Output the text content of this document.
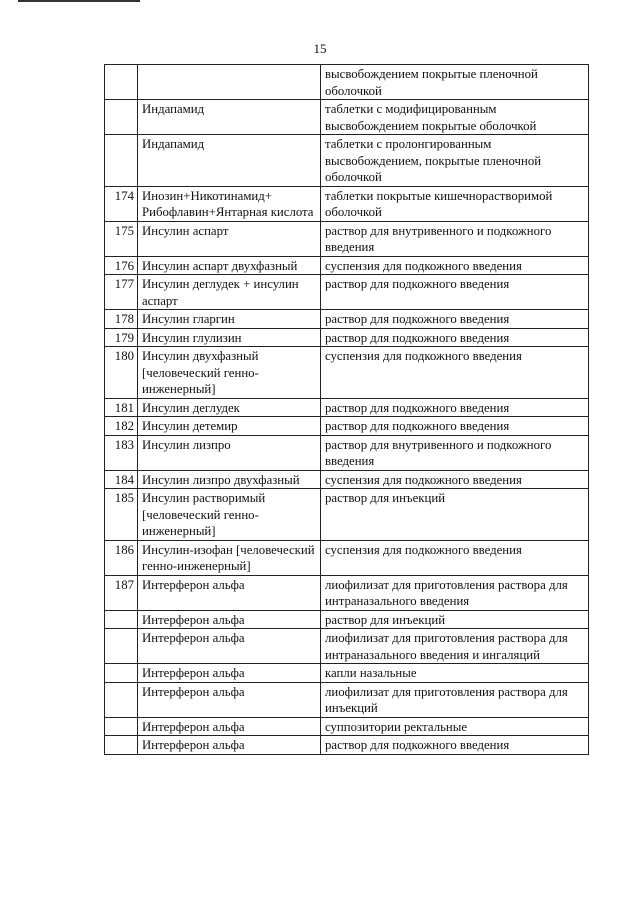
15
		высвобождением покрытые пленочной оболочкой
	Индапамид	таблетки с модифицированным высвобождением покрытые оболочкой
	Индапамид	таблетки с пролонгированным высвобождением, покрытые пленочной оболочкой
174	Инозин+Никотинамид+ Рибофлавин+Янтарная кислота	таблетки покрытые кишечнорастворимой оболочкой
175	Инсулин аспарт	раствор для внутривенного и подкожного введения
176	Инсулин аспарт двухфазный	суспензия для подкожного введения
177	Инсулин деглудек + инсулин аспарт	раствор для подкожного введения
178	Инсулин гларгин	раствор для подкожного введения
179	Инсулин глулизин	раствор для подкожного введения
180	Инсулин двухфазный [человеческий генно-инженерный]	суспензия для подкожного введения
181	Инсулин деглудек	раствор для подкожного введения
182	Инсулин детемир	раствор для подкожного введения
183	Инсулин лизпро	раствор для внутривенного и подкожного введения
184	Инсулин лизпро двухфазный	суспензия для подкожного введения
185	Инсулин растворимый [человеческий генно-инженерный]	раствор для инъекций
186	Инсулин-изофан [человеческий генно-инженерный]	суспензия для подкожного введения
187	Интерферон альфа	лиофилизат для приготовления раствора для интраназального введения
	Интерферон альфа	раствор для инъекций
	Интерферон альфа	лиофилизат для приготовления раствора для интраназального введения и ингаляций
	Интерферон альфа	капли назальные
	Интерферон альфа	лиофилизат для приготовления раствора для инъекций
	Интерферон альфа	суппозитории ректальные
	Интерферон альфа	раствор для подкожного введения
